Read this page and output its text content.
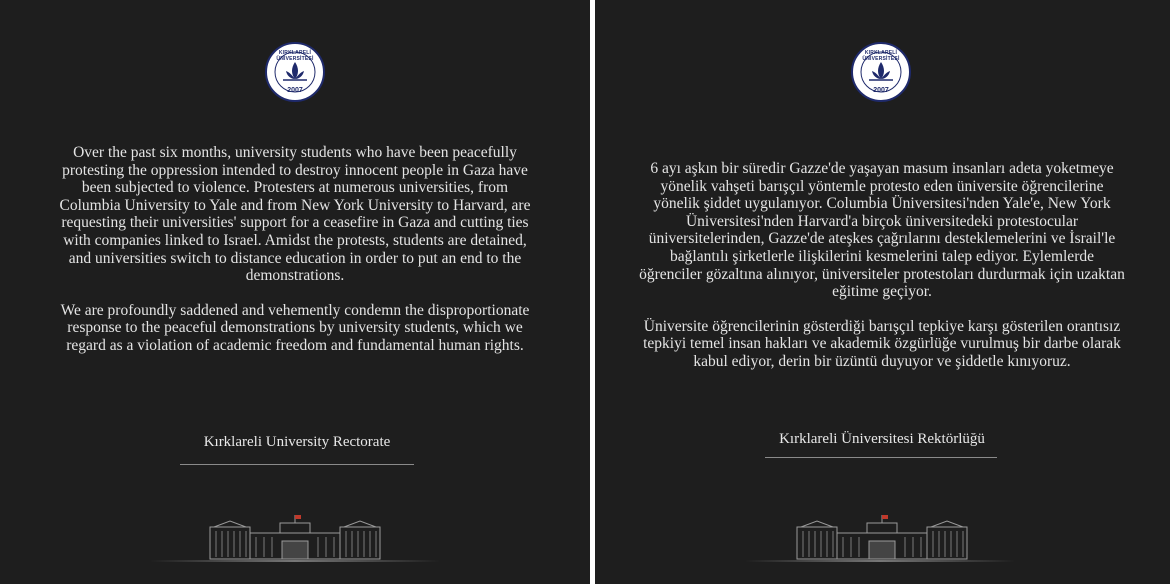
KIRKLARELİ ÜNİVERSİTESİ
2007

Over the past six months, university students who have been peacefully protesting the oppression intended to destroy innocent people in Gaza have been subjected to violence. Protesters at numerous universities, from Columbia University to Yale and from New York University to Harvard, are requesting their universities' support for a ceasefire in Gaza and cutting ties with companies linked to Israel. Amidst the protests, students are detained, and universities switch to distance education in order to put an end to the demonstrations.

We are profoundly saddened and vehemently condemn the disproportionate response to the peaceful demonstrations by university students, which we regard as a violation of academic freedom and fundamental human rights.

Kırklareli University Rectorate
KIRKLARELİ ÜNİVERSİTESİ
2007

6 ayı aşkın bir süredir Gazze'de yaşayan masum insanları adeta yoketmeye yönelik vahşeti barışçıl yöntemle protesto eden üniversite öğrencilerine yönelik şiddet uygulanıyor. Columbia Üniversitesi'nden Yale'e, New York Üniversitesi'nden Harvard'a birçok üniversitedeki protestocular üniversitelerinden, Gazze'de ateşkes çağrılarını desteklemelerini ve İsrail'le bağlantılı şirketlerle ilişkilerini kesmelerini talep ediyor. Eylemlerde öğrenciler gözaltına alınıyor, üniversiteler protestoları durdurmak için uzaktan eğitime geçiyor.

Üniversite öğrencilerinin gösterdiği barışçıl tepkiye karşı gösterilen orantısız tepkiyi temel insan hakları ve akademik özgürlüğe vurulmuş bir darbe olarak kabul ediyor, derin bir üzüntü duyuyor ve şiddetle kınıyoruz.

Kırklareli Üniversitesi Rektörlüğü
